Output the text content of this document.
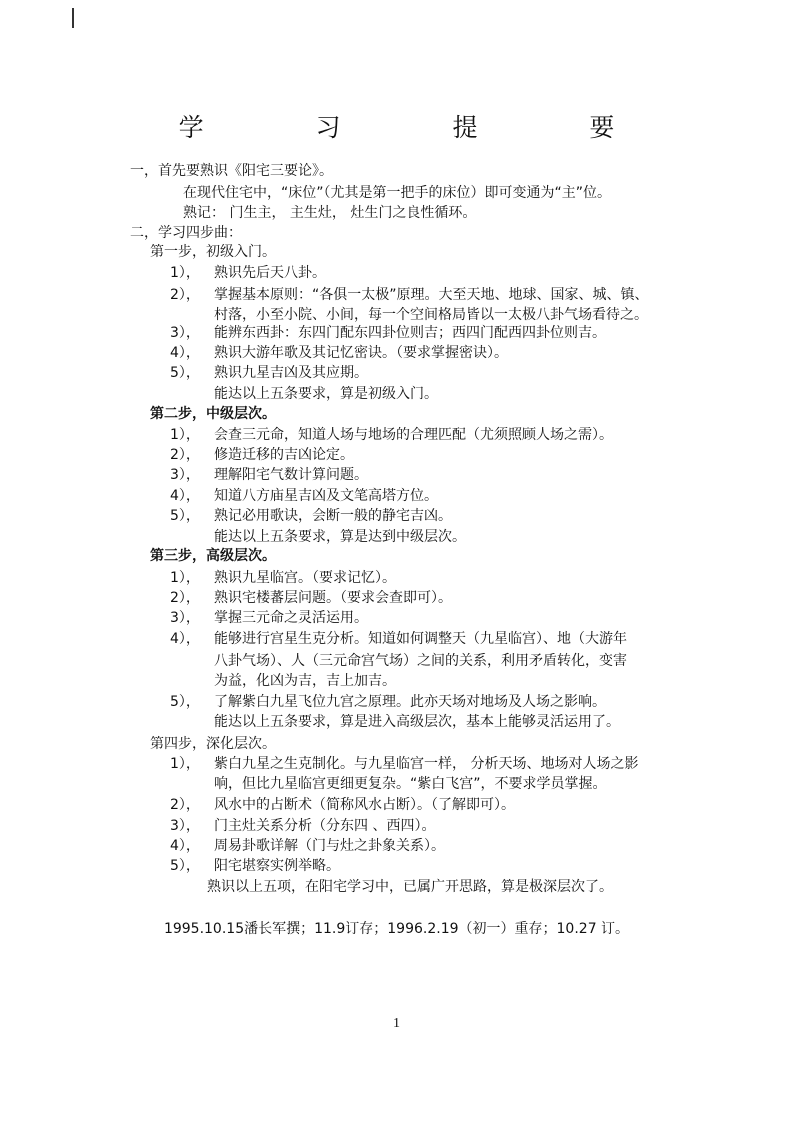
学 习 提 要
一，首先要熟识《阳宅三要论》。
在现代住宅中，“床位”（尤其是第一把手的床位）即可变通为“主”位。
熟记： 门生主， 主生灶， 灶生门之良性循环。
二，学习四步曲：
第一步，初级入门。
1）， 熟识先后天八卦。
2）， 掌握基本原则：“各俱一太极”原理。大至天地、地球、国家、城、镇、
村落，小至小院、小间，每一个空间格局皆以一太极八卦气场看待之。
3）， 能辨东西卦：东四门配东四卦位则吉；西四门配西四卦位则吉。
4）， 熟识大游年歌及其记忆密诀。（要求掌握密诀）。
5）， 熟识九星吉凶及其应期。
能达以上五条要求，算是初级入门。
第二步，中级层次。
1）， 会查三元命，知道人场与地场的合理匹配（尤须照顾人场之需）。
2）， 修造迁移的吉凶论定。
3）， 理解阳宅气数计算问题。
4）， 知道八方庙星吉凶及文笔高塔方位。
5）， 熟记必用歌诀，会断一般的静宅吉凶。
能达以上五条要求，算是达到中级层次。
第三步，高级层次。
1）， 熟识九星临宫。（要求记忆）。
2）， 熟识宅楼蕃层问题。（要求会查即可）。
3）， 掌握三元命之灵活运用。
4）， 能够进行宫星生克分析。知道如何调整天（九星临宫）、地（大游年
八卦气场）、人（三元命宫气场）之间的关系，利用矛盾转化，变害
为益，化凶为吉，吉上加吉。
5）， 了解紫白九星飞位九宫之原理。此亦天场对地场及人场之影响。
能达以上五条要求，算是进入高级层次，基本上能够灵活运用了。
第四步，深化层次。
1）， 紫白九星之生克制化。与九星临宫一样， 分析天场、地场对人场之影
响，但比九星临宫更细更复杂。“紫白飞宫”，不要求学员掌握。
2）， 风水中的占断术（简称风水占断）。（了解即可）。
3）， 门主灶关系分析（分东四 、西四）。
4）， 周易卦歌详解（门与灶之卦象关系）。
5）， 阳宅堪察实例举略。
熟识以上五项，在阳宅学习中，已属广开思路，算是极深层次了。
1995.10.15潘长军撰；11.9订存；1996.2.19（初一）重存；10.27 订。
1
